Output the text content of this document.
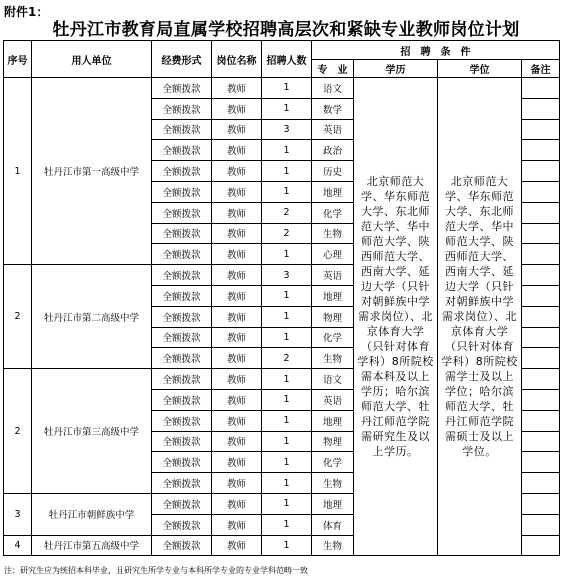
附件1：
牡丹江市教育局直属学校招聘高层次和紧缺专业教师岗位计划
序号	用人单位	经费形式	岗位名称	招聘人数	招　聘　条　件			
					专　业	学历	学位	备注
1	牡丹江市第一高级中学	全额拨款	教师	1	语文	北京师范大学、华东师范大学、东北师范大学、华中师范大学、陕西师范大学、西南大学、延边大学（只针对朝鲜族中学需求岗位）、北京体育大学（只针对体育学科）8所院校需本科及以上学历；哈尔滨师范大学、牡丹江师范学院需研究生及以上学历。	北京师范大学、华东师范大学、东北师范大学、华中师范大学、陕西师范大学、西南大学、延边大学（只针对朝鲜族中学需求岗位）、北京体育大学（只针对体育学科）8所院校需学士及以上学位；哈尔滨师范大学、牡丹江师范学院需硕士及以上学位。	
		全额拨款	教师	1	数学			
		全额拨款	教师	3	英语			
		全额拨款	教师	1	政治			
		全额拨款	教师	1	历史			
		全额拨款	教师	1	地理			
		全额拨款	教师	2	化学			
		全额拨款	教师	2	生物			
		全额拨款	教师	1	心理			
2	牡丹江市第二高级中学	全额拨款	教师	3	英语			
		全额拨款	教师	1	地理			
		全额拨款	教师	1	物理			
		全额拨款	教师	1	化学			
		全额拨款	教师	2	生物			
2	牡丹江市第三高级中学	全额拨款	教师	1	语文			
		全额拨款	教师	1	英语			
		全额拨款	教师	1	地理			
		全额拨款	教师	1	物理			
		全额拨款	教师	1	化学			
		全额拨款	教师	1	生物			
3	牡丹江市朝鲜族中学	全额拨款	教师	1	地理			
		全额拨款	教师	1	体育			
4	牡丹江市第五高级中学	全额拨款	教师	1	生物			
注：研究生应为统招本科毕业，且研究生所学专业与本科所学专业的专业学科范畴一致
